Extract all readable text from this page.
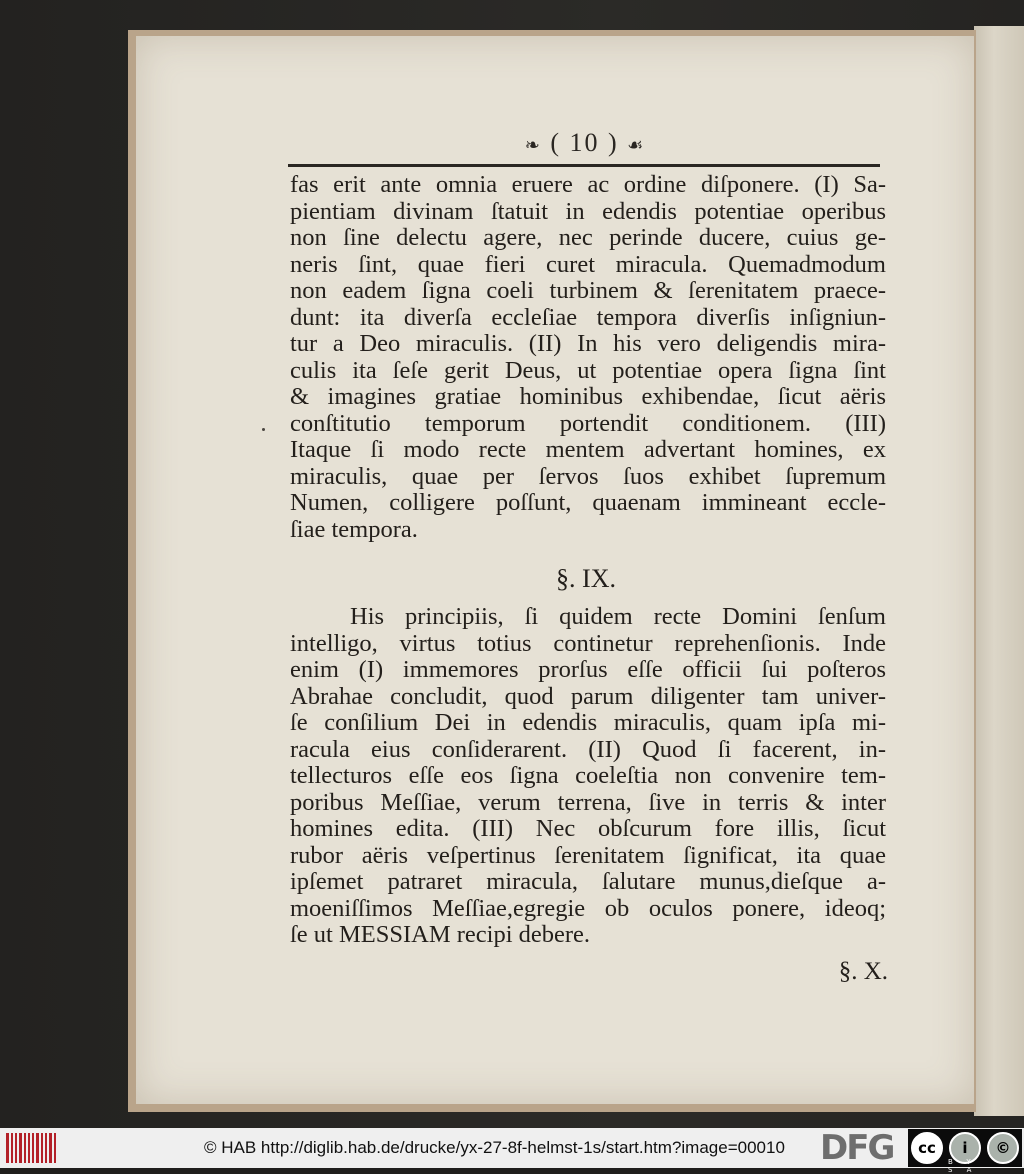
❧ ( 10 ) ☙
fas erit ante omnia eruere ac ordine diſponere. (I) Sa-
pientiam divinam ſtatuit in edendis potentiae operibus
non ſine delectu agere, nec perinde ducere, cuius ge-
neris ſint, quae fieri curet miracula. Quemadmodum
non eadem ſigna coeli turbinem & ſerenitatem praece-
dunt: ita diverſa eccleſiae tempora diverſis inſigniun-
tur a Deo miraculis. (II) In his vero deligendis mira-
culis ita ſeſe gerit Deus, ut potentiae opera ſigna ſint
& imagines gratiae hominibus exhibendae, ſicut aëris
conſtitutio temporum portendit conditionem. (III)
Itaque ſi modo recte mentem advertant homines, ex
miraculis, quae per ſervos ſuos exhibet ſupremum
Numen, colligere poſſunt, quaenam immineant eccle-
ſiae tempora.
§. IX.
His principiis, ſi quidem recte Domini ſenſum
intelligo, virtus totius continetur reprehenſionis. Inde
enim (I) immemores prorſus eſſe officii ſui poſteros
Abrahae concludit, quod parum diligenter tam univer-
ſe conſilium Dei in edendis miraculis, quam ipſa mi-
racula eius conſiderarent. (II) Quod ſi facerent, in-
tellecturos eſſe eos ſigna coeleſtia non convenire tem-
poribus Meſſiae, verum terrena, ſive in terris & inter
homines edita. (III) Nec obſcurum fore illis, ſicut
rubor aëris veſpertinus ſerenitatem ſignificat, ita quae
ipſemet patraret miracula, ſalutare munus,dieſque a-
moeniſſimos Meſſiae,egregie ob oculos ponere, ideoq;
ſe ut MESSIAM recipi debere.
§. X.
© HAB http://diglib.hab.de/drucke/yx-27-8f-helmst-1s/start.htm?image=00010 DFG	cc	i	©
BY SA
